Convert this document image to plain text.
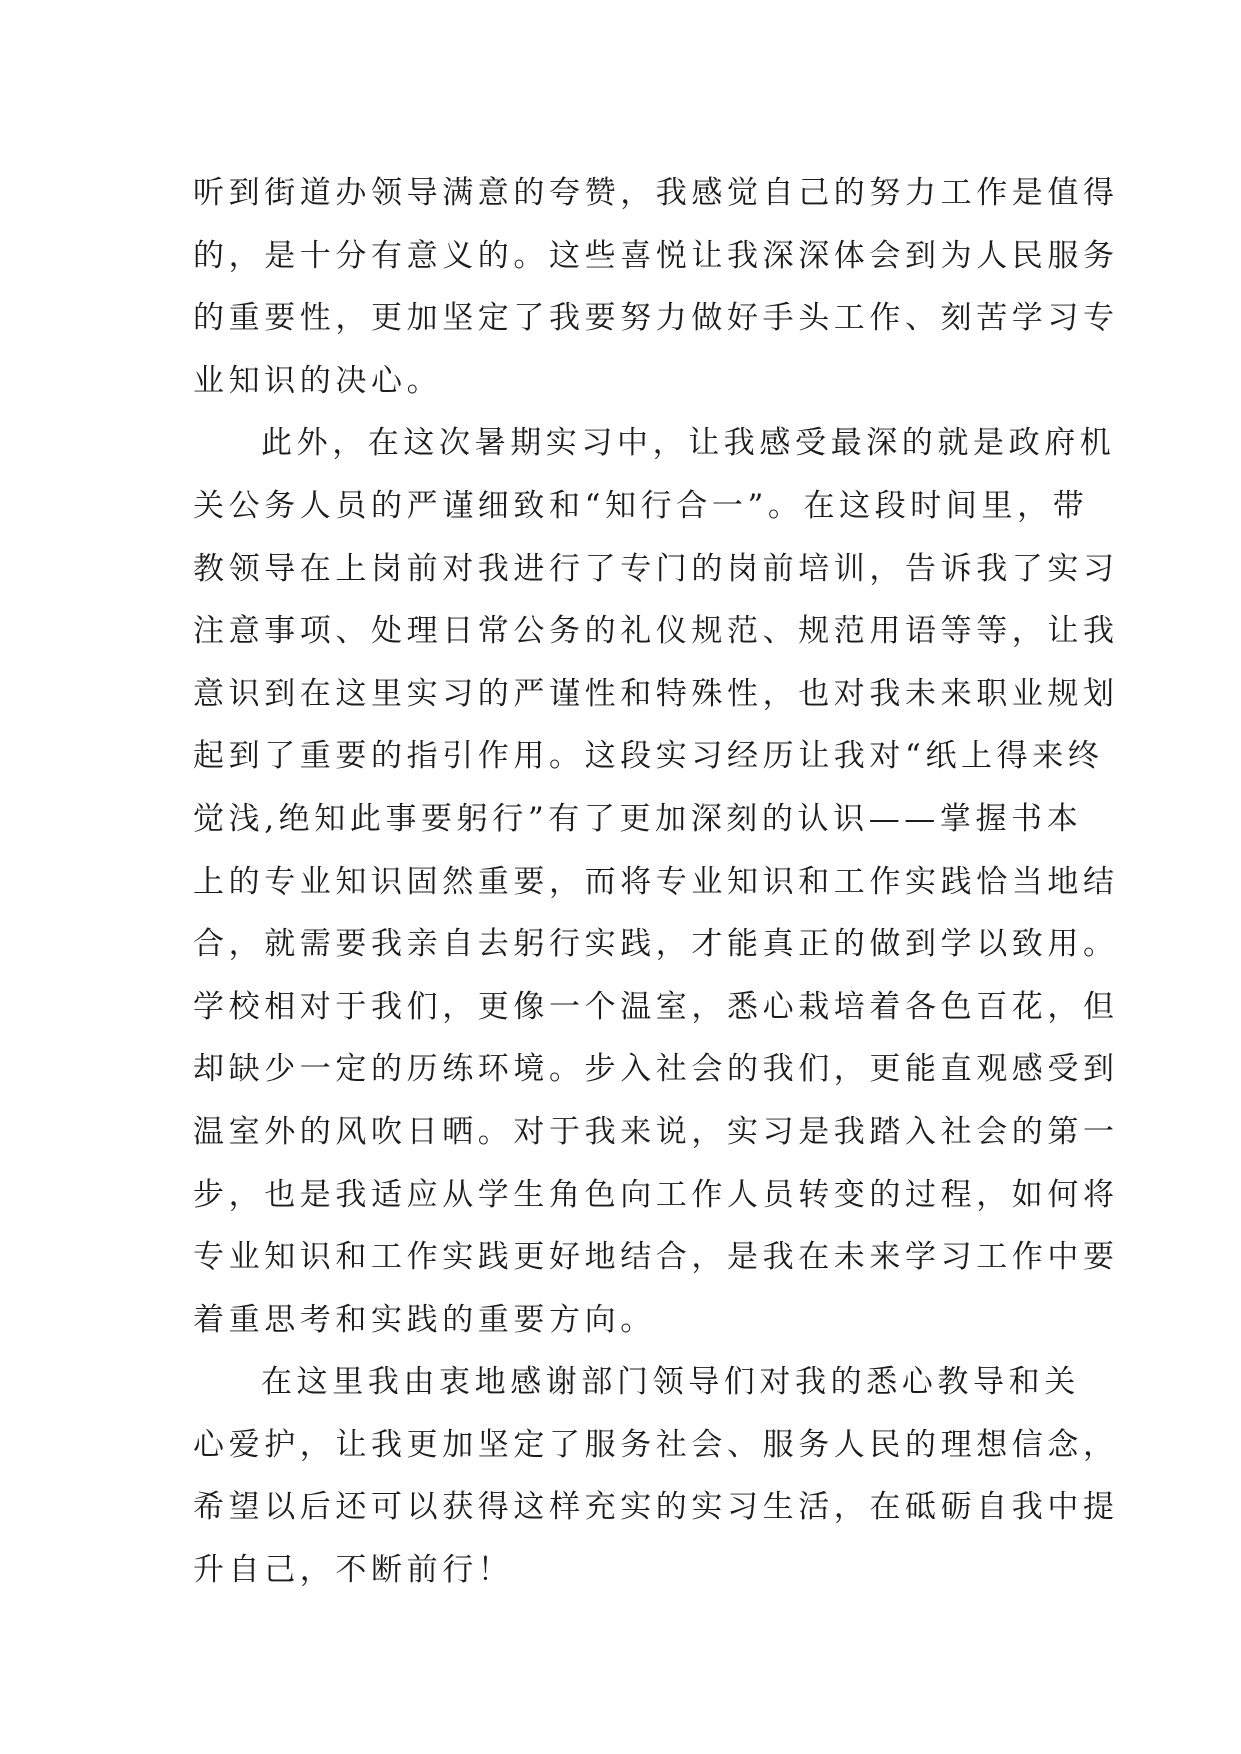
听到街道办领导满意的夸赞，我感觉自己的努力工作是值得
的，是十分有意义的。这些喜悦让我深深体会到为人民服务
的重要性，更加坚定了我要努力做好手头工作、刻苦学习专
业知识的决心。
此外，在这次暑期实习中，让我感受最深的就是政府机
关公务人员的严谨细致和“知行合一”。在这段时间里，带
教领导在上岗前对我进行了专门的岗前培训，告诉我了实习
注意事项、处理日常公务的礼仪规范、规范用语等等，让我
意识到在这里实习的严谨性和特殊性，也对我未来职业规划
起到了重要的指引作用。这段实习经历让我对“纸上得来终
觉浅,绝知此事要躬行”有了更加深刻的认识——掌握书本
上的专业知识固然重要，而将专业知识和工作实践恰当地结
合，就需要我亲自去躬行实践，才能真正的做到学以致用。
学校相对于我们，更像一个温室，悉心栽培着各色百花，但
却缺少一定的历练环境。步入社会的我们，更能直观感受到
温室外的风吹日晒。对于我来说，实习是我踏入社会的第一
步，也是我适应从学生角色向工作人员转变的过程，如何将
专业知识和工作实践更好地结合，是我在未来学习工作中要
着重思考和实践的重要方向。
在这里我由衷地感谢部门领导们对我的悉心教导和关
心爱护，让我更加坚定了服务社会、服务人民的理想信念，
希望以后还可以获得这样充实的实习生活，在砥砺自我中提
升自己，不断前行！
